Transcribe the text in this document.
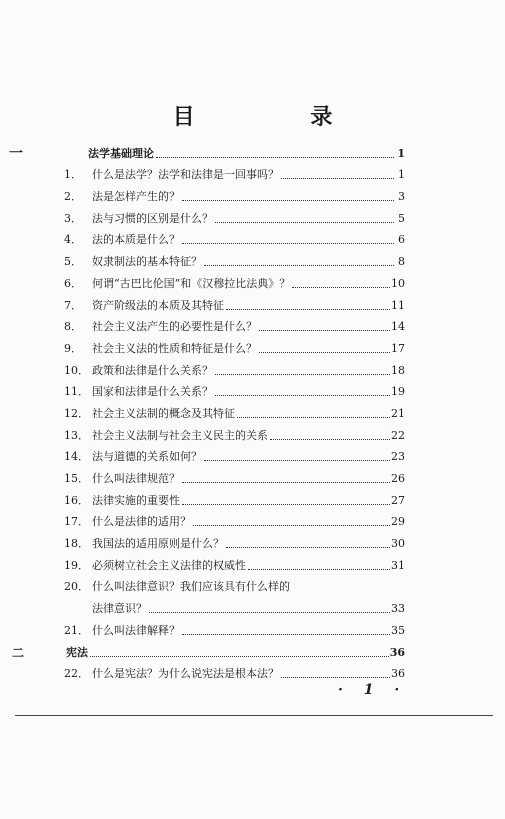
目 录
一	法学基础理论	1
1． 什么是法学？法学和法律是一回事吗？	1
2． 法是怎样产生的？	3
3． 法与习惯的区别是什么？	5
4． 法的本质是什么？	6
5． 奴隶制法的基本特征？	8
6． 何谓“古巴比伦国”和《汉穆拉比法典》？	10
7． 资产阶级法的本质及其特征	11
8． 社会主义法产生的必要性是什么？	14
9． 社会主义法的性质和特征是什么？	17
10． 政策和法律是什么关系？	18
11． 国家和法律是什么关系？	19
12． 社会主义法制的概念及其特征	21
13． 社会主义法制与社会主义民主的关系	22
14． 法与道德的关系如何？	23
15． 什么叫法律规范？	26
16． 法律实施的重要性	27
17． 什么是法律的适用？	29
18． 我国法的适用原则是什么？	30
19． 必须树立社会主义法律的权威性	31
20． 什么叫法律意识？我们应该具有什么样的
法律意识？	33
21． 什么叫法律解释？	35
二	宪法	36
22． 什么是宪法？为什么说宪法是根本法？	36
· 1 ·
